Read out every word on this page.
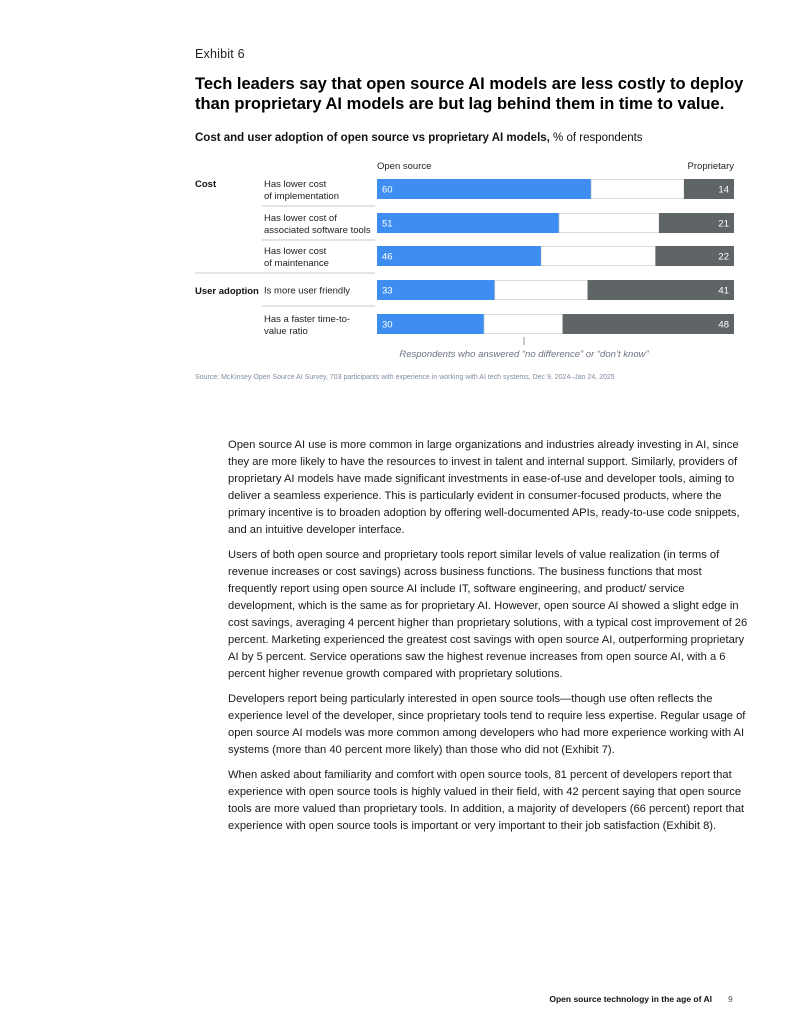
Exhibit 6
Tech leaders say that open source AI models are less costly to deploy than proprietary AI models are but lag behind them in time to value.
Cost and user adoption of open source vs proprietary AI models, % of respondents
Open source	Proprietary
Cost
User adoption
Has lower cost
of implementation
60	14
Has lower cost of
associated software tools
51	21
Has lower cost
of maintenance
46	22
Is more user friendly	33	41
Has a faster time-to-
value ratio
30	48
Respondents who answered “no difference” or “don’t know”
Source: McKinsey Open Source AI Survey, 703 participants with experience in working with AI tech systems, Dec 9, 2024–Jan 24, 2025

Open source AI use is more common in large organizations and industries already investing in AI, since they are more likely to have the resources to invest in talent and internal support. Similarly, providers of proprietary AI models have made significant investments in ease-of-use and developer tools, aiming to deliver a seamless experience. This is particularly evident in consumer-focused products, where the primary incentive is to broaden adoption by offering well-documented APIs, ready-to-use code snippets, and an intuitive developer interface.

Users of both open source and proprietary tools report similar levels of value realization (in terms of revenue increases or cost savings) across business functions. The business functions that most frequently report using open source AI include IT, software engineering, and product/ service development, which is the same as for proprietary AI. However, open source AI showed a slight edge in cost savings, averaging 4 percent higher than proprietary solutions, with a typical cost improvement of 26 percent. Marketing experienced the greatest cost savings with open source AI, outperforming proprietary AI by 5 percent. Service operations saw the highest revenue increases from open source AI, with a 6 percent higher revenue growth compared with proprietary solutions.

Developers report being particularly interested in open source tools—though use often reflects the experience level of the developer, since proprietary tools tend to require less expertise. Regular usage of open source AI models was more common among developers who had more experience working with AI systems (more than 40 percent more likely) than those who did not (Exhibit 7).

When asked about familiarity and comfort with open source tools, 81 percent of developers report that experience with open source tools is highly valued in their field, with 42 percent saying that open source tools are more valued than proprietary tools. In addition, a majority of developers (66 percent) report that experience with open source tools is important or very important to their job satisfaction (Exhibit 8).

Open source technology in the age of AI 9
